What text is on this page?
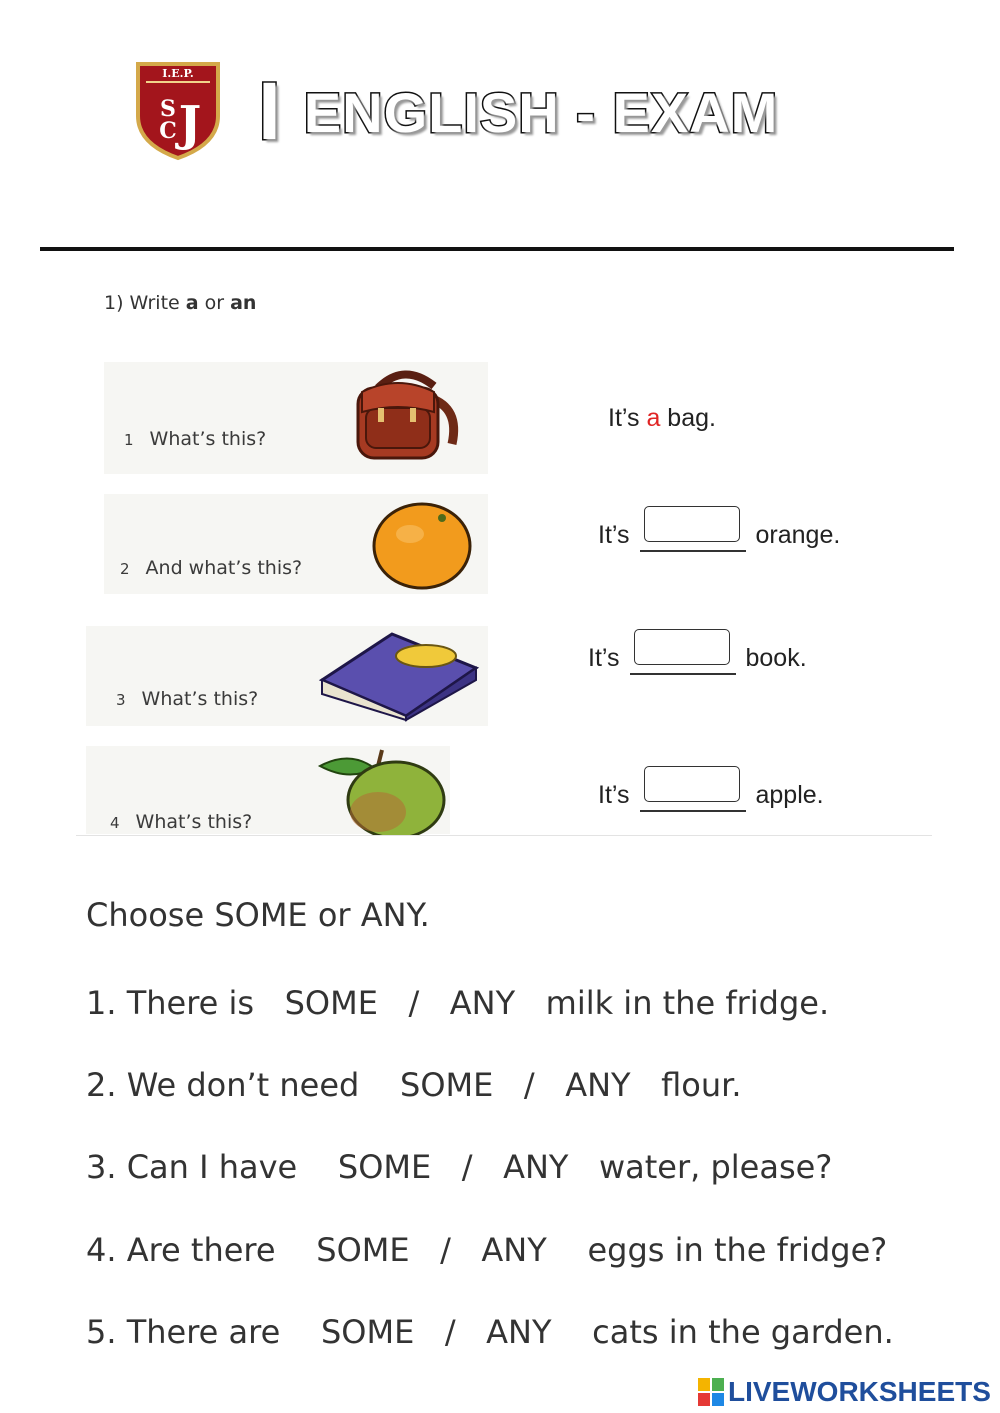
I.E.P.
S
C J I ENGLISH - EXAM
1) Write a or an
1 What’s this?
It’s a bag.
2 And what’s this?
It’s	orange.
3 What’s this?
It’s	book.
4 What’s this?
It’s	apple.
Choose SOME or ANY.
1. There is   SOME   /   ANY   milk in the fridge.
2. We don’t need    SOME   /   ANY   flour.
3. Can I have    SOME   /   ANY   water, please?
4. Are there    SOME   /   ANY    eggs in the fridge?
5. There are    SOME   /   ANY    cats in the garden.
LIVEWORKSHEETS
